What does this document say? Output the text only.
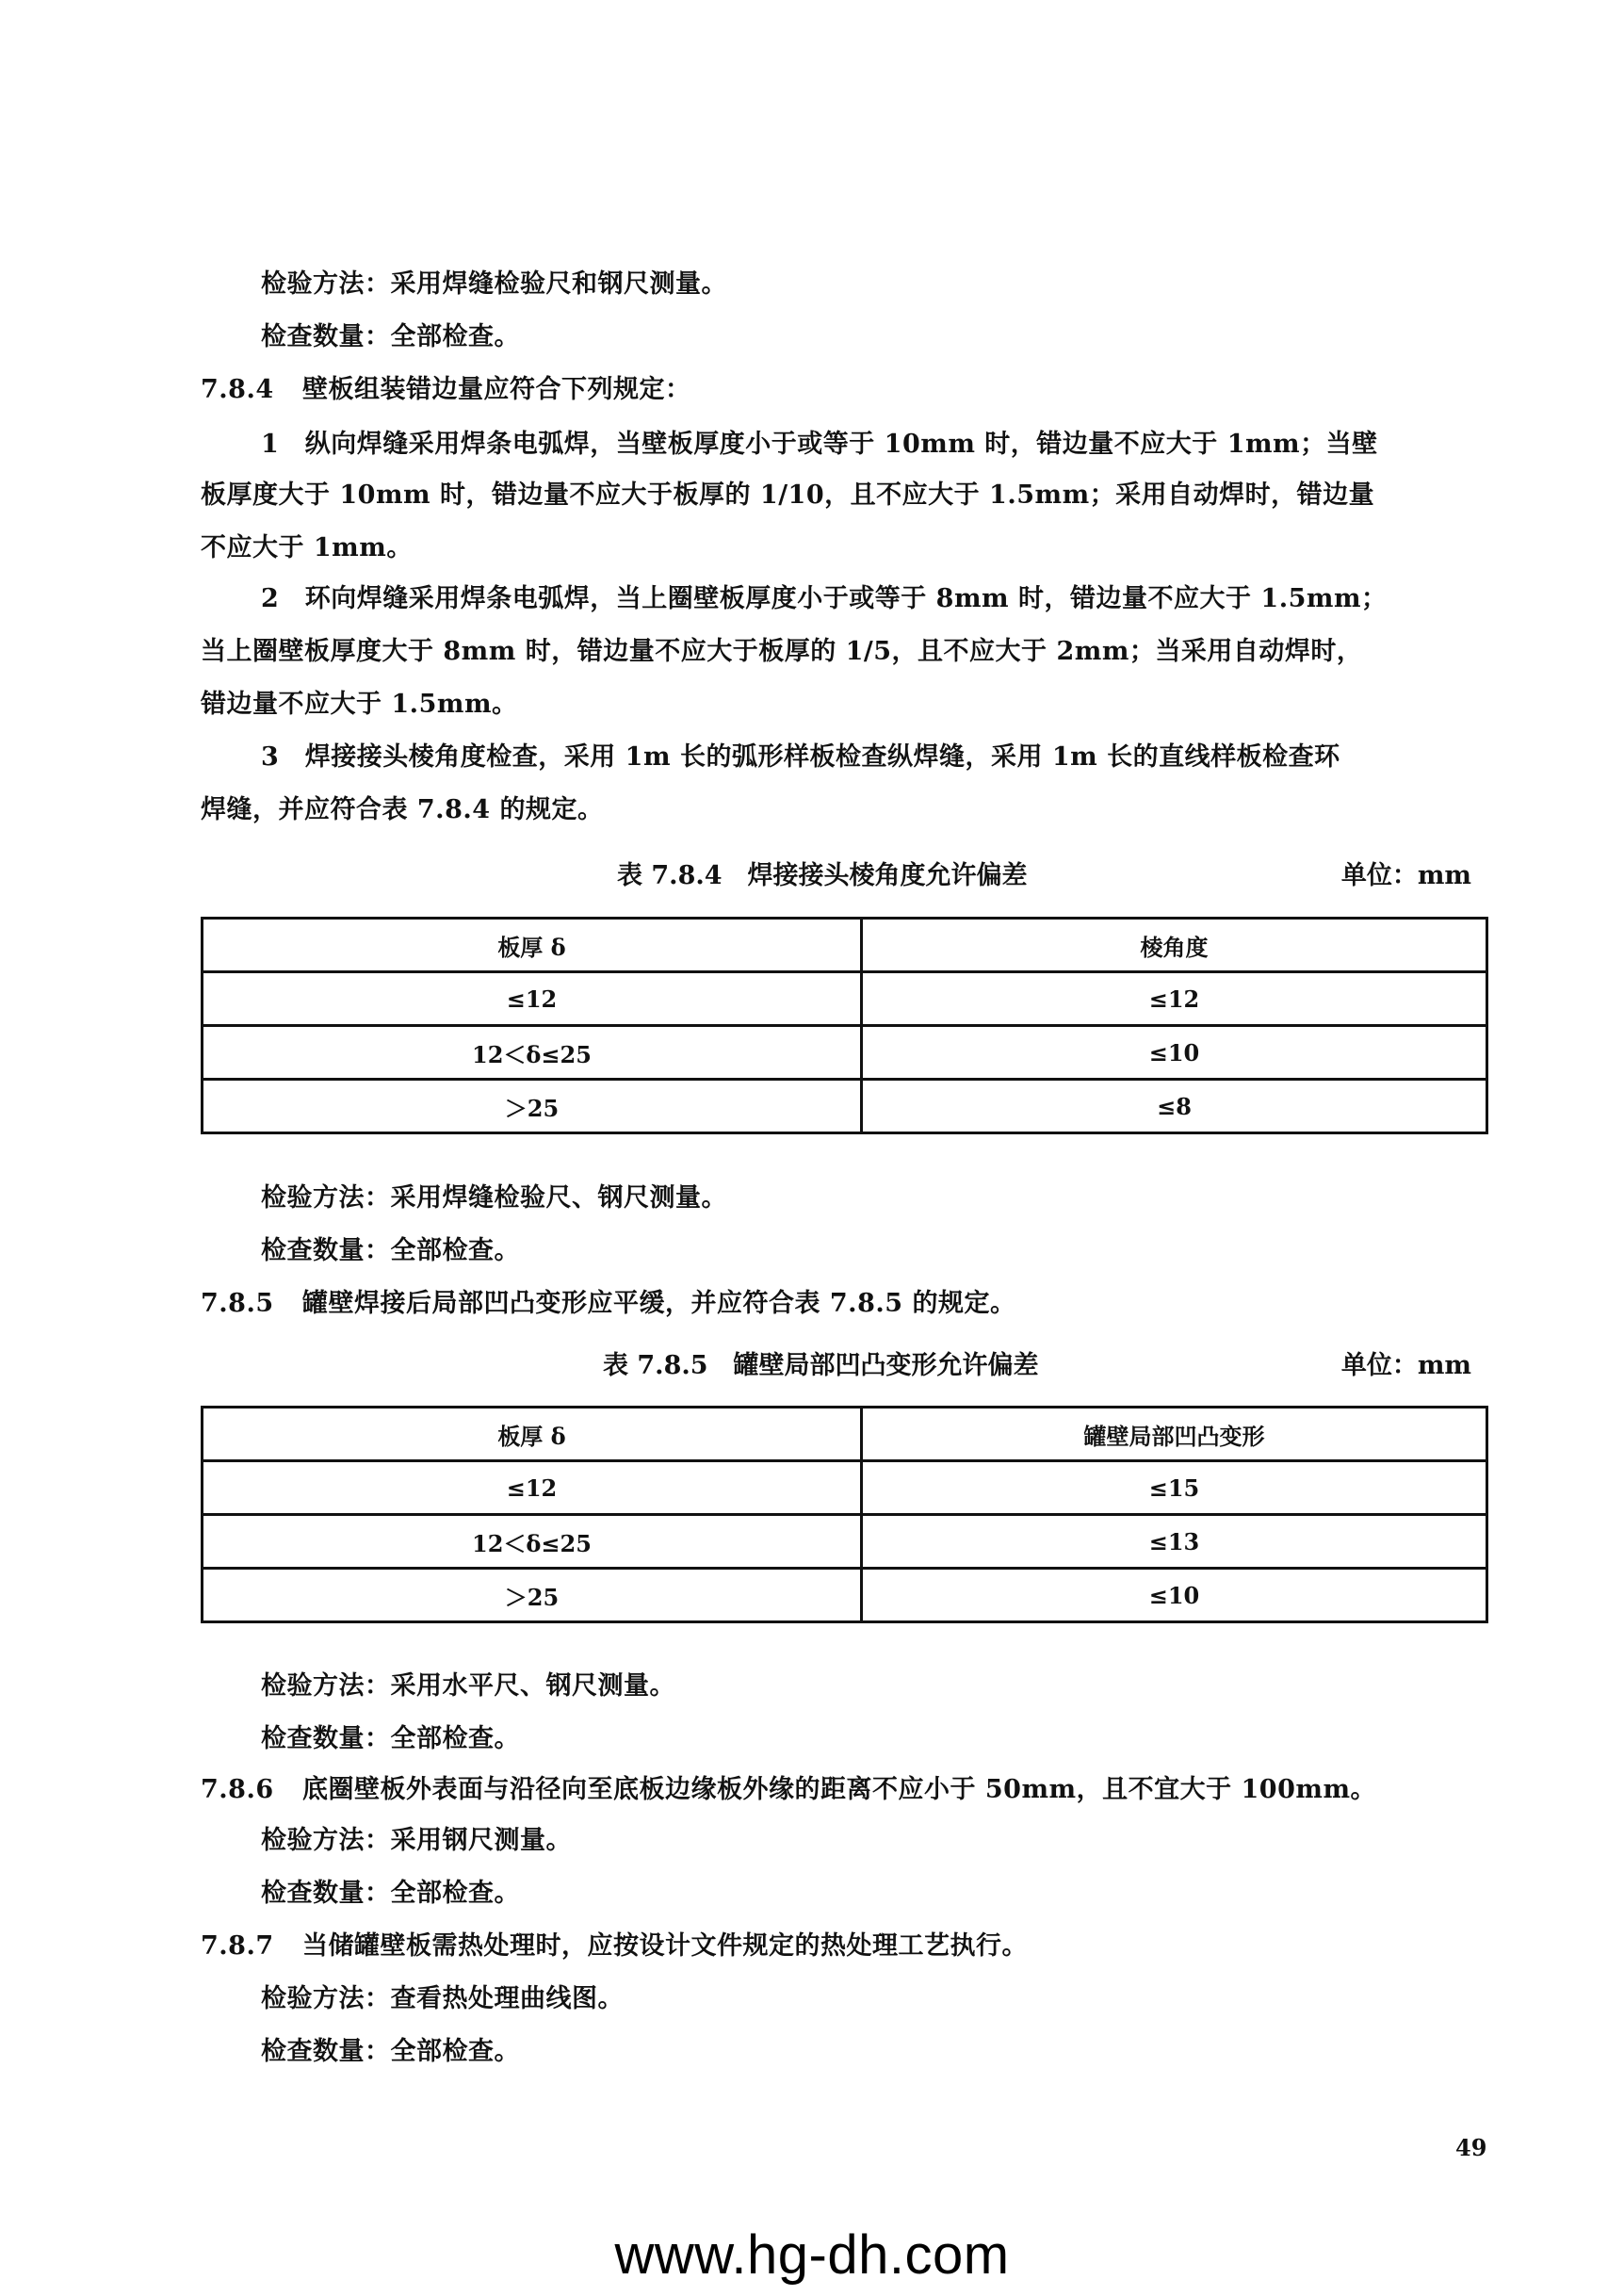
检验方法：采用焊缝检验尺和钢尺测量。
检查数量：全部检查。
7.8.4 壁板组装错边量应符合下列规定：
1　纵向焊缝采用焊条电弧焊，当壁板厚度小于或等于 10mm 时，错边量不应大于 1mm；当壁
板厚度大于 10mm 时，错边量不应大于板厚的 1/10，且不应大于 1.5mm；采用自动焊时，错边量
不应大于 1mm。
2　环向焊缝采用焊条电弧焊，当上圈壁板厚度小于或等于 8mm 时，错边量不应大于 1.5mm；
当上圈壁板厚度大于 8mm 时，错边量不应大于板厚的 1/5，且不应大于 2mm；当采用自动焊时，
错边量不应大于 1.5mm。
3　焊接接头棱角度检查，采用 1m 长的弧形样板检查纵焊缝，采用 1m 长的直线样板检查环
焊缝，并应符合表 7.8.4 的规定。
表 7.8.4　焊接接头棱角度允许偏差	单位：mm
板厚 δ	棱角度
≤12	≤12
12＜δ≤25	≤10
＞25	≤8
检验方法：采用焊缝检验尺、钢尺测量。
检查数量：全部检查。
7.8.5 罐壁焊接后局部凹凸变形应平缓，并应符合表 7.8.5 的规定。
表 7.8.5　罐壁局部凹凸变形允许偏差	单位：mm
板厚 δ	罐壁局部凹凸变形
≤12	≤15
12＜δ≤25	≤13
＞25	≤10
检验方法：采用水平尺、钢尺测量。
检查数量：全部检查。
7.8.6 底圈壁板外表面与沿径向至底板边缘板外缘的距离不应小于 50mm，且不宜大于 100mm。
检验方法：采用钢尺测量。
检查数量：全部检查。
7.8.7 当储罐壁板需热处理时，应按设计文件规定的热处理工艺执行。
检验方法：查看热处理曲线图。
检查数量：全部检查。
49
www.hg-dh.com
